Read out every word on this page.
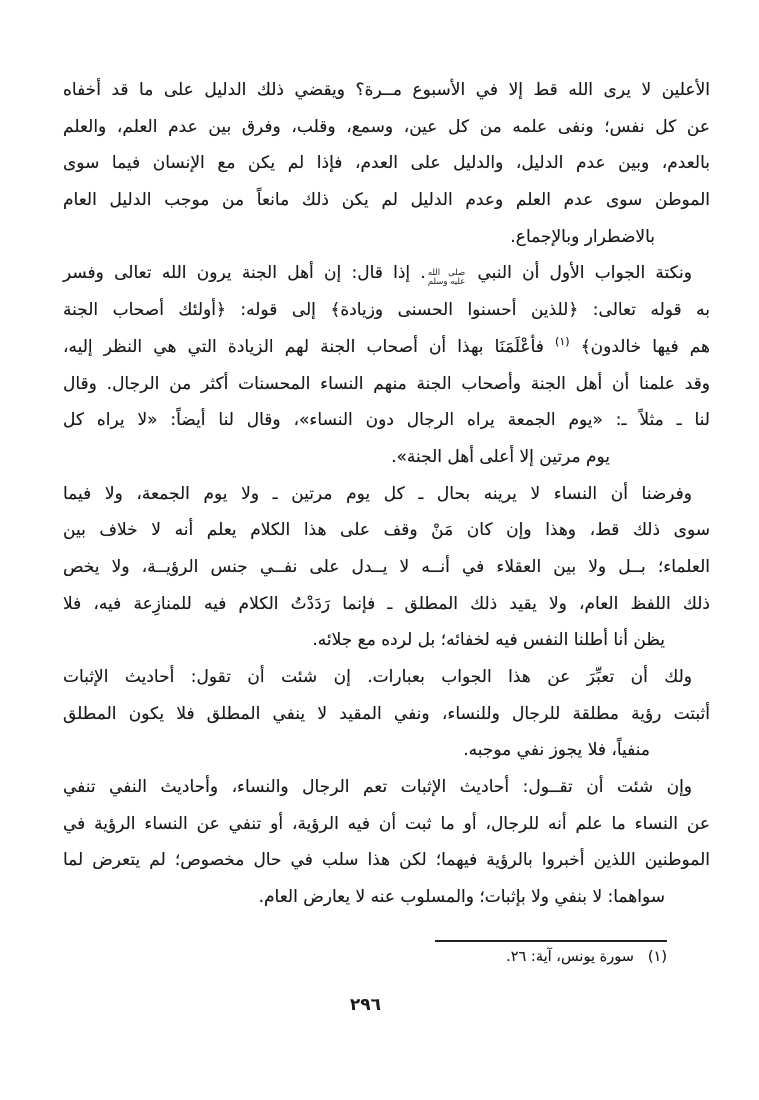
الأعلين لا يرى الله قط إلا في الأسبوع مــرة؟ ويقضي ذلك الدليل على ما قد أخفاه
عن كل نفس؛ ونفى علمه من كل عين، وسمع، وقلب، وفرق بين عدم العلم، والعلم
بالعدم، وبين عدم الدليل، والدليل على العدم، فإذا لم يكن مع الإنسان فيما سوى
الموطن سوى عدم العلم وعدم الدليل لم يكن ذلك مانعاً من موجب الدليل العام
بالاضطرار وبالإجماع.
ونكتة الجواب الأول أن النبي
صلى الله
عليه وسلم
. إذا قال: إن أهل الجنة يرون الله تعالى وفسر
به قوله تعالى: ﴿للذين أحسنوا الحسنى وزيادة﴾ إلى قوله: ﴿أولئك أصحاب الجنة
هم فيها خالدون﴾ $^{(١)}$ فأعْلَمَنَا بهذا أن أصحاب الجنة لهم الزيادة التي هي النظر إليه،
وقد علمنا أن أهل الجنة وأصحاب الجنة منهم النساء المحسنات أكثر من الرجال. وقال
لنا ـ مثلاً ـ: «يوم الجمعة يراه الرجال دون النساء»، وقال لنا أيضاً: «لا يراه كل
يوم مرتين إلا أعلى أهل الجنة».
وفرضنا أن النساء لا يرينه بحال ـ كل يوم مرتين ـ ولا يوم الجمعة، ولا فيما
سوى ذلك قط، وهذا وإن كان مَنْ وقف على هذا الكلام يعلم أنه لا خلاف بين
العلماء؛ بــل ولا بين العقلاء في أنــه لا يــدل على نفــي جنس الرؤيــة، ولا يخص
ذلك اللفظ العام، ولا يقيد ذلك المطلق ـ فإنما رَدَدْتُ الكلام فيه للمنازِعة فيه، فلا
يظن أنا أطلنا النفس فيه لخفائه؛ بل لرده مع جلائه.
ولك أن تعبِّرَ عن هذا الجواب بعبارات. إن شئت أن تقول: أحاديث الإثبات
أثبتت رؤية مطلقة للرجال وللنساء، ونفي المقيد لا ينفي المطلق فلا يكون المطلق
منفياً، فلا يجوز نفي موجبه.
وإن شئت أن تقــول: أحاديث الإثبات تعم الرجال والنساء، وأحاديث النفي تنفي
عن النساء ما علم أنه للرجال، أو ما ثبت أن فيه الرؤية، أو تنفي عن النساء الرؤية في
الموطنين اللذين أخبروا بالرؤية فيهما؛ لكن هذا سلب في حال مخصوص؛ لم يتعرض لما
سواهما: لا بنفي ولا بإثبات؛ والمسلوب عنه لا يعارض العام.
(١)
سورة يونس، آية: ٢٦.
٢٩٦
